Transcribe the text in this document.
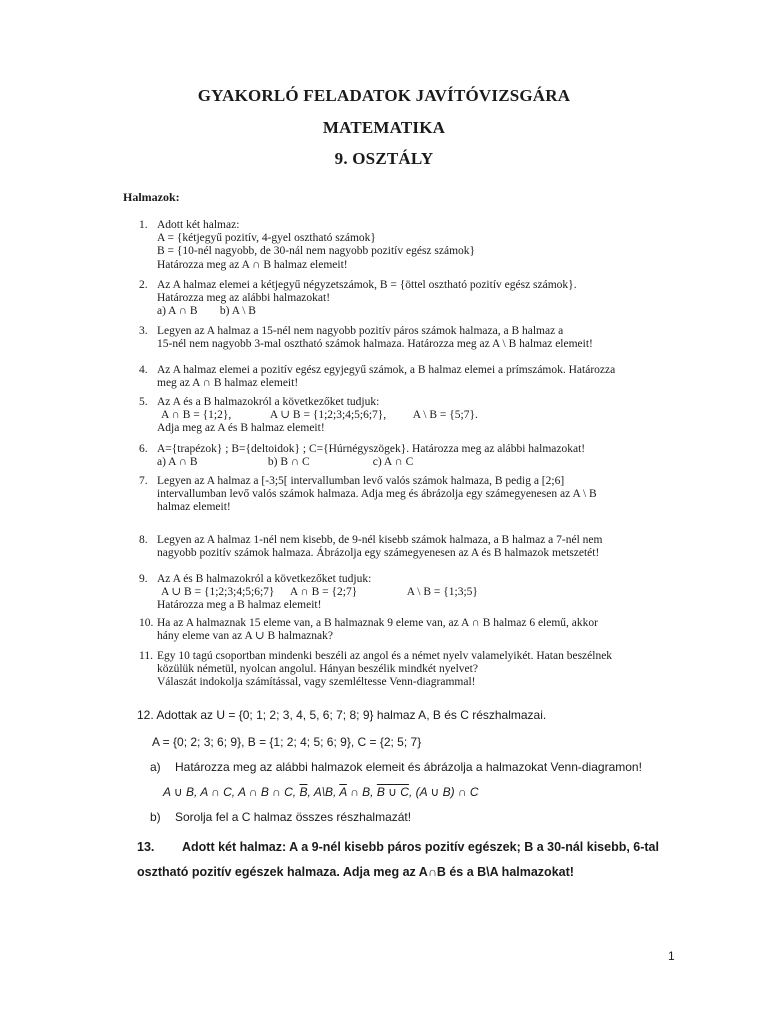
GYAKORLÓ FELADATOK JAVÍTÓVIZSGÁRA
MATEMATIKA
9. OSZTÁLY
Halmazok:
1. Adott két halmaz:
A = {kétjegyű pozitív, 4-gyel osztható számok}
B = {10-nél nagyobb, de 30-nál nem nagyobb pozitív egész számok}
Határozza meg az A ∩ B halmaz elemeit!
2. Az A halmaz elemei a kétjegyű négyzetszámok, B = {öttel osztható pozitív egész számok}.
Határozza meg az alábbi halmazokat!
a) A ∩ B b) A \ B
3. Legyen az A halmaz a 15-nél nem nagyobb pozitív páros számok halmaza, a B halmaz a
15-nél nem nagyobb 3-mal osztható számok halmaza. Határozza meg az A \ B halmaz elemeit!
4. Az A halmaz elemei a pozitív egész egyjegyű számok, a B halmaz elemei a prímszámok. Határozza
meg az A ∩ B halmaz elemeit!
5. Az A és a B halmazokról a következőket tudjuk:
A ∩ B = {1;2},	A ∪ B = {1;2;3;4;5;6;7}, A \ B = {5;7}.
Adja meg az A és B halmaz elemeit!
6. A={trapézok} ; B={deltoidok} ; C={Húrnégyszögek}. Határozza meg az alábbi halmazokat!
a) A ∩ B	b) B ∩ C	c) A ∩ C
7. Legyen az A halmaz a [-3;5[ intervallumban levő valós számok halmaza, B pedig a [2;6]
intervallumban levő valós számok halmaza. Adja meg és ábrázolja egy számegyenesen az A \ B
halmaz elemeit!
8. Legyen az A halmaz 1-nél nem kisebb, de 9-nél kisebb számok halmaza, a B halmaz a 7-nél nem
nagyobb pozitív számok halmaza. Ábrázolja egy számegyenesen az A és B halmazok metszetét!
9. Az A és B halmazokról a következőket tudjuk:
A ∪ B = {1;2;3;4;5;6;7} A ∩ B = {2;7}	A \ B = {1;3;5}
Határozza meg a B halmaz elemeit!
10. Ha az A halmaznak 15 eleme van, a B halmaznak 9 eleme van, az A ∩ B halmaz 6 elemű, akkor
hány eleme van az A ∪ B halmaznak?
11. Egy 10 tagú csoportban mindenki beszéli az angol és a német nyelv valamelyikét. Hatan beszélnek
közülük németül, nyolcan angolul. Hányan beszélik mindkét nyelvet?
Válaszát indokolja számítással, vagy szemléltesse Venn-diagrammal!
12. Adottak az U = {0; 1; 2; 3, 4, 5, 6; 7; 8; 9} halmaz A, B és C részhalmazai.
A = {0; 2; 3; 6; 9}, B = {1; 2; 4; 5; 6; 9}, C = {2; 5; 7}
a) Határozza meg az alábbi halmazok elemeit és ábrázolja a halmazokat Venn-diagramon!
A ∪ B, A ∩ C, A ∩ B ∩ C, $\overline{B}$, A\B, $\overline{A}$ ∩ B, B ∪ C, (A ∪ B) ∩ C
b) Sorolja fel a C halmaz összes részhalmazát!
13. Adott két halmaz: A a 9-nél kisebb páros pozitív egészek; B a 30-nál kisebb, 6-tal
osztható pozitív egészek halmaza. Adja meg az A∩B és a B\A halmazokat!
1
